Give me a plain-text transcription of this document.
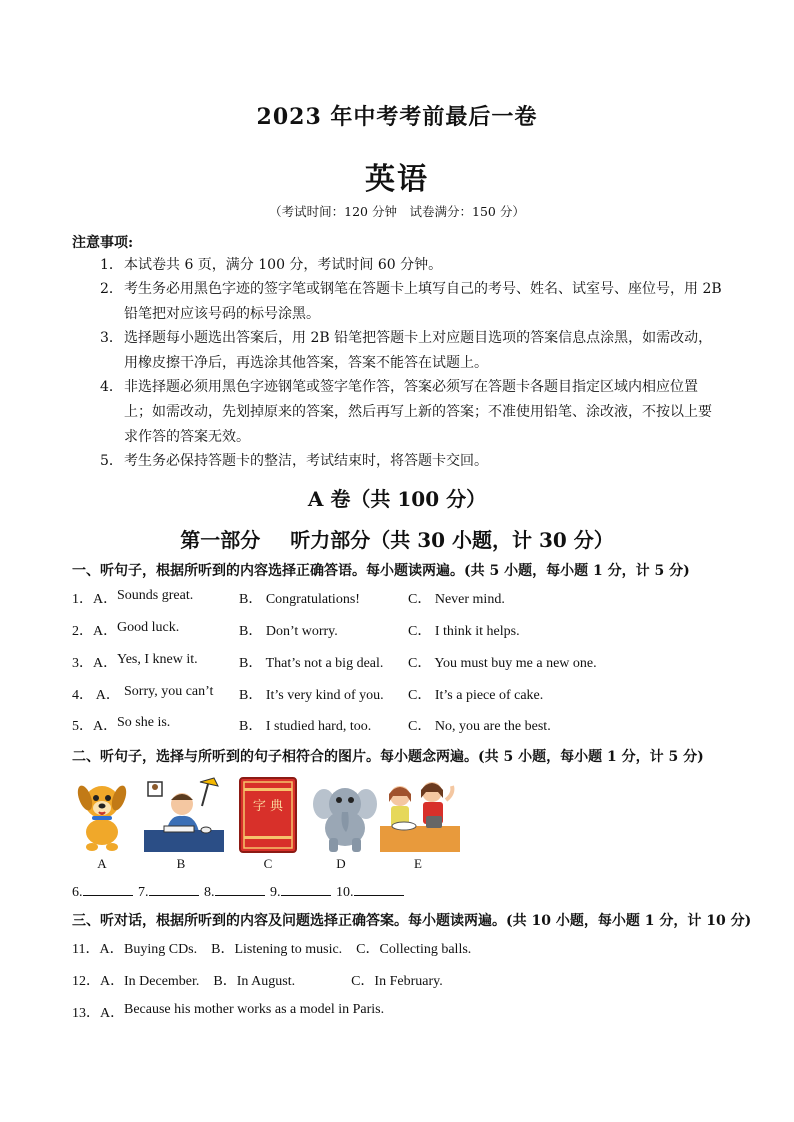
2023 年中考考前最后一卷
英语
（考试时间：120 分钟　试卷满分：150 分）
注意事项:
1． 本试卷共 6 页，满分 100 分，考试时间 60 分钟。
2． 考生务必用黑色字迹的签字笔或钢笔在答题卡上填写自己的考号、姓名、试室号、座位号，用 2B 铅笔把对应该号码的标号涂黑。
3． 选择题每小题选出答案后，用 2B 铅笔把答题卡上对应题目选项的答案信息点涂黑，如需改动，用橡皮擦干净后，再选涂其他答案，答案不能答在试题上。
4． 非选择题必须用黑色字迹钢笔或签字笔作答，答案必须写在答题卡各题目指定区域内相应位置上；如需改动，先划掉原来的答案，然后再写上新的答案；不准使用铅笔、涂改液，不按以上要求作答的答案无效。
5． 考生务必保持答题卡的整洁，考试结束时，将答题卡交回。
A 卷（共 100 分）
第一部分 听力部分（共 30 小题，计 30 分）
一、听句子，根据所听到的内容选择正确答语。每小题读两遍。(共 5 小题，每小题 1 分，计 5 分)
1．A． Sounds great.	B． Congratulations!	C． Never mind.
2．A． Good luck.	B． Don’t worry.	C． I think it helps.
3．A． Yes, I knew it.	B． That’s not a big deal. C． You must buy me a new one.
4． A． Sorry, you can’t B． It’s very kind of you. C． It’s a piece of cake.
5．A． So she is.	B． I studied hard, too.	C． No, you are the best.
二、听句子，选择与所听到的句子相符合的图片。每小题念两遍。(共 5 小题，每小题 1 分，计 5 分)
字 典
A	B	C	D	E
6.	7.	8.	9.	10.
三、听对话，根据所听到的内容及问题选择正确答案。每小题读两遍。(共 10 小题，每小题 1 分，计 10 分)
11．A． Buying CDs.    B．Listening to music.    C．Collecting balls.
12．A． In December.    B．In August.                C．In February.
13．A． Because his mother works as a model in Paris.
